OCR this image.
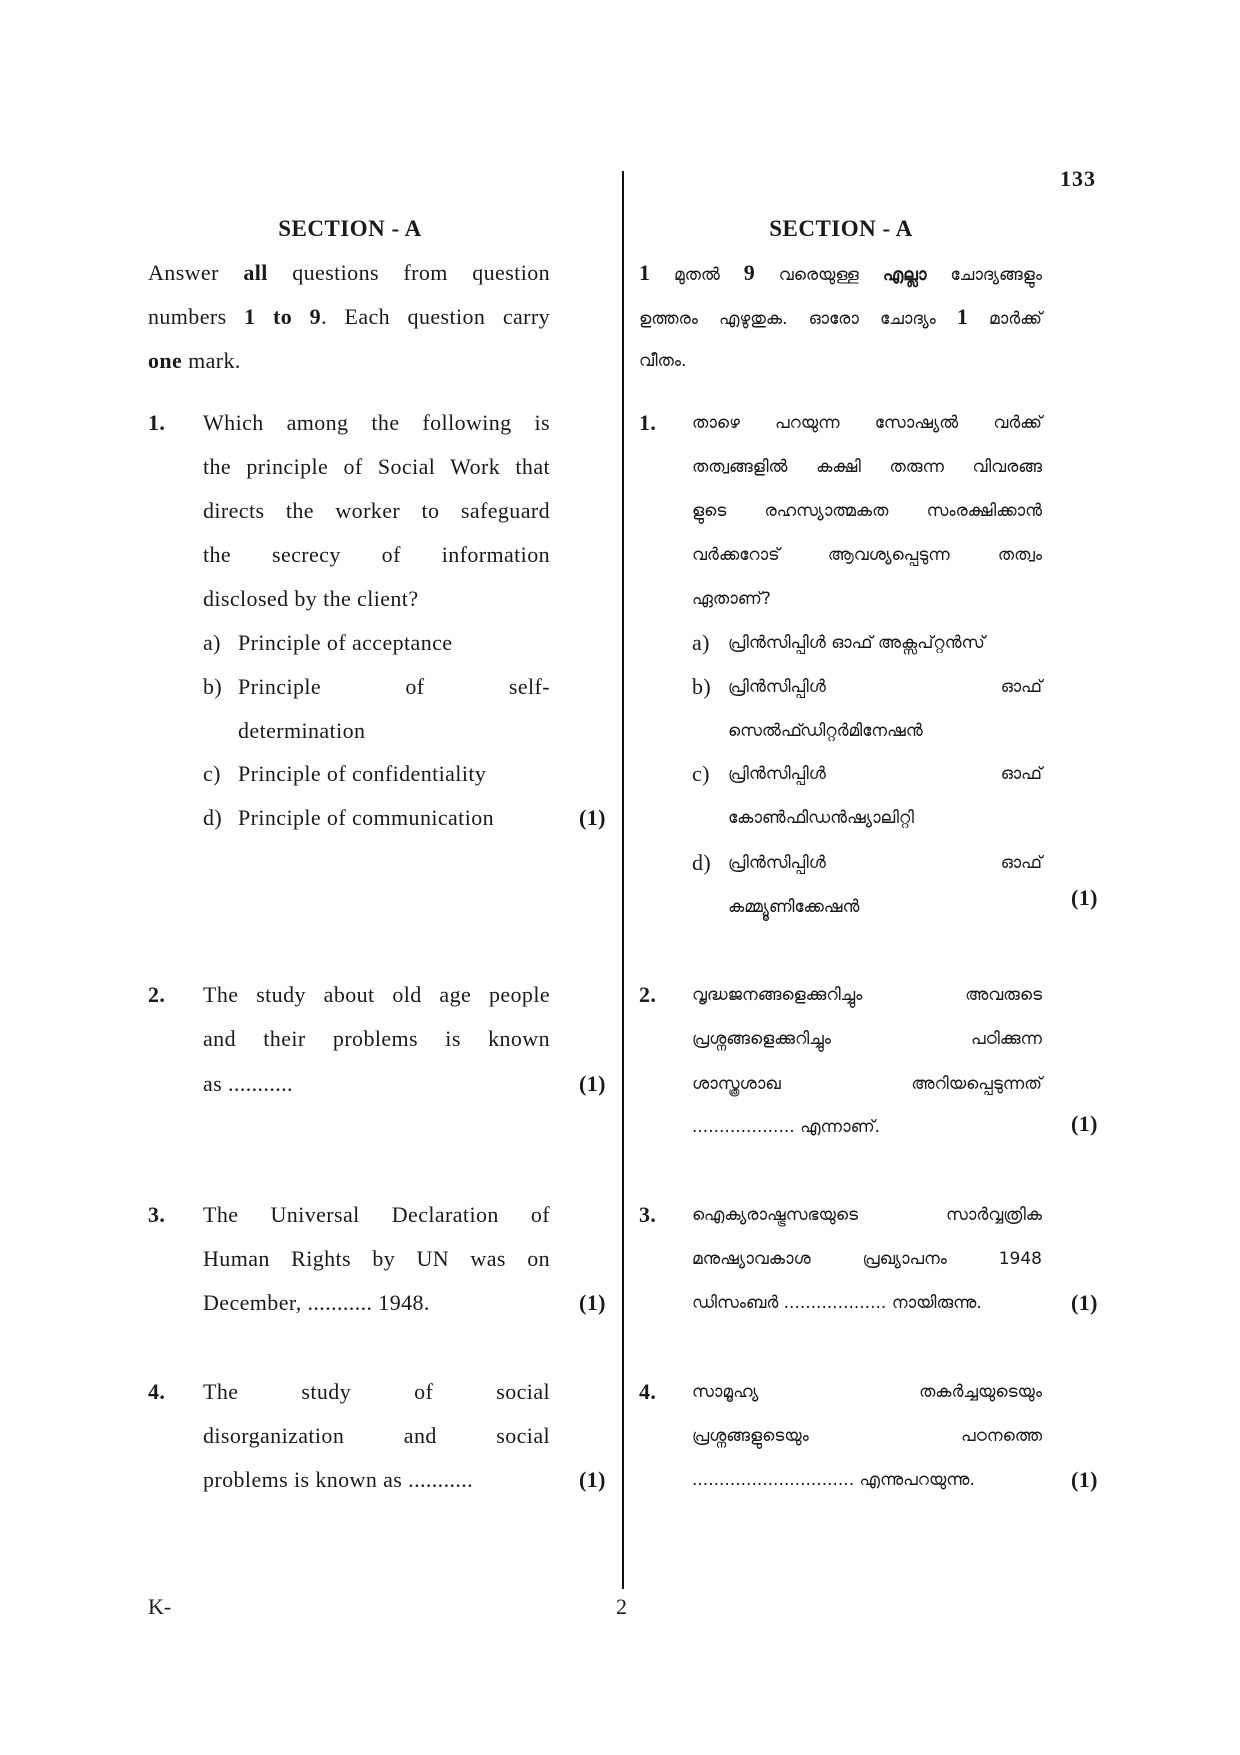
133
K-	2
SECTION - A
Answer all questions from question
numbers 1 to 9. Each question carry
one mark.
1. Which among the following is
the principle of Social Work that
directs the worker to safeguard
the secrecy of information
disclosed by the client?
a) Principle of acceptance
b) Principle of self-
determination
c) Principle of confidentiality
d) Principle of communication	(1)
2. The study about old age people
and their problems is known
as ...........	(1)
3. The Universal Declaration of
Human Rights by UN was on
December, ........... 1948.	(1)
4. The study of social
disorganization and social
problems is known as ...........	(1)
SECTION - A
1 മുതൽ 9 വരെയുള്ള എല്ലാ ചോദ്യങ്ങളും
ഉത്തരം എഴുതുക. ഓരോ ചോദ്യം 1 മാർക്ക്
വീതം.
1. താഴെ പറയുന്ന സോഷ്യൽ വർക്ക്
തത്വങ്ങളിൽ കക്ഷി തരുന്ന വിവരങ്ങ
ളുടെ രഹസ്യാത്മകത സംരക്ഷിക്കാൻ
വർക്കറോട് ആവശ്യപ്പെടുന്ന തത്വം
ഏതാണ്?
a) പ്രിൻസിപ്പിൾ ഓഫ് അക്സപ്റ്റൻസ്
b) പ്രിൻസിപ്പിൾ ഓഫ്
സെൽഫ്ഡിറ്റർമിനേഷൻ
c) പ്രിൻസിപ്പിൾ ഓഫ്
കോൺഫിഡൻഷ്യാലിറ്റി
d) പ്രിൻസിപ്പിൾ ഓഫ്
കമ്മ്യൂണിക്കേഷൻ	(1)
2. വൃദ്ധജനങ്ങളെക്കുറിച്ചും അവരുടെ
പ്രശ്നങ്ങളെക്കുറിച്ചും പഠിക്കുന്ന
ശാസ്ത്രശാഖ അറിയപ്പെടുന്നത്
................... എന്നാണ്.	(1)
3. ഐക്യരാഷ്ട്രസഭയുടെ സാർവ്വത്രിക
മനുഷ്യാവകാശ പ്രഖ്യാപനം 1948
ഡിസംബർ ................... നായിരുന്നു.	(1)
4. സാമൂഹ്യ തകർച്ചയുടെയും
പ്രശ്നങ്ങളുടെയും പഠനത്തെ
.............................. എന്നുപറയുന്നു.	(1)
